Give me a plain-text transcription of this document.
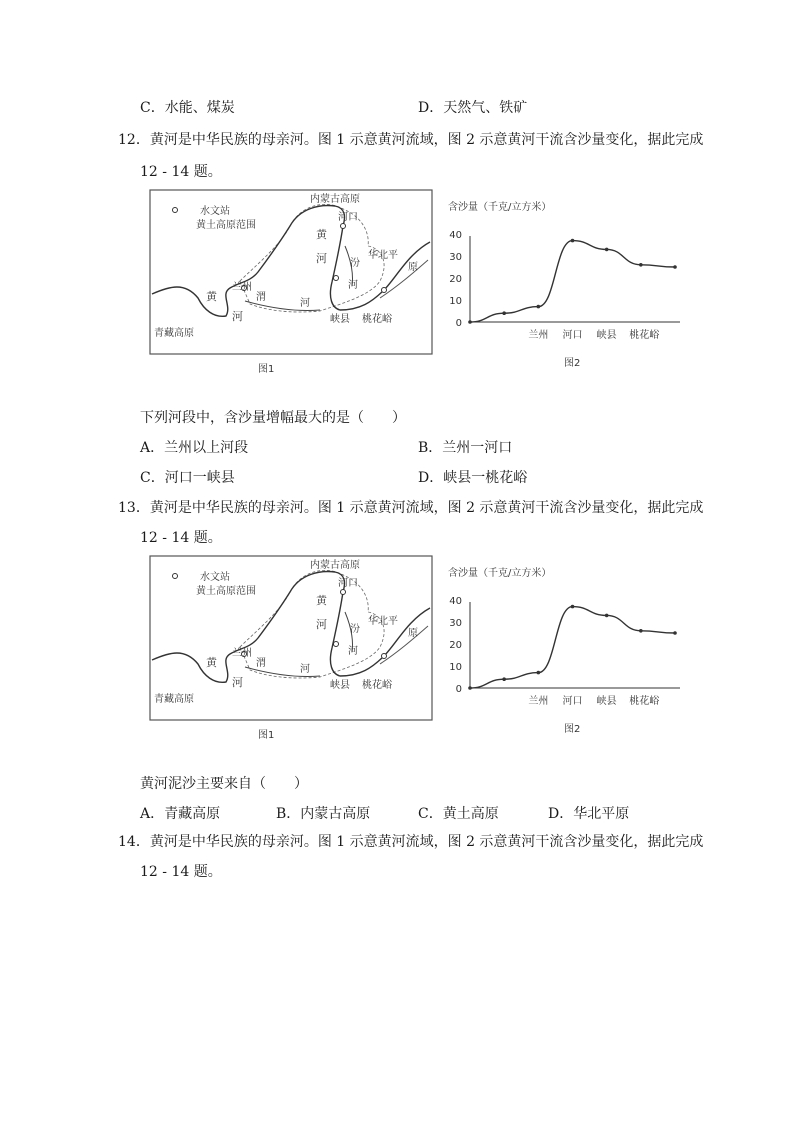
C．水能、煤炭	D．天然气、铁矿
12．黄河是中华民族的母亲河。图 1 示意黄河流域，图 2 示意黄河干流含沙量变化，据此完成
12 - 14 题。
水文站
黄土高原范围
内蒙古高原
河口
黄
河 汾
河
华北平
原
兰州
渭
河
峡县 桃花峪
黄
河
青藏高原
图1
含沙量（千克/立方米）
0
10
20
30
40
兰州 河口 峡县 桃花峪
图2
下列河段中，含沙量增幅最大的是（　　）
A．兰州以上河段	B．兰州一河口
C．河口一峡县	D．峡县一桃花峪
13．黄河是中华民族的母亲河。图 1 示意黄河流域，图 2 示意黄河干流含沙量变化，据此完成
12 - 14 题。
水文站
黄土高原范围
内蒙古高原
河口
黄
河 汾
河
华北平
原
兰州
渭
河
峡县 桃花峪
黄
河
青藏高原
图1
含沙量（千克/立方米）
0
10
20
30
40
兰州 河口 峡县 桃花峪
图2
黄河泥沙主要来自（　　）
A．青藏高原	B．内蒙古高原	C．黄土高原	D．华北平原
14．黄河是中华民族的母亲河。图 1 示意黄河流域，图 2 示意黄河干流含沙量变化，据此完成
12 - 14 题。
